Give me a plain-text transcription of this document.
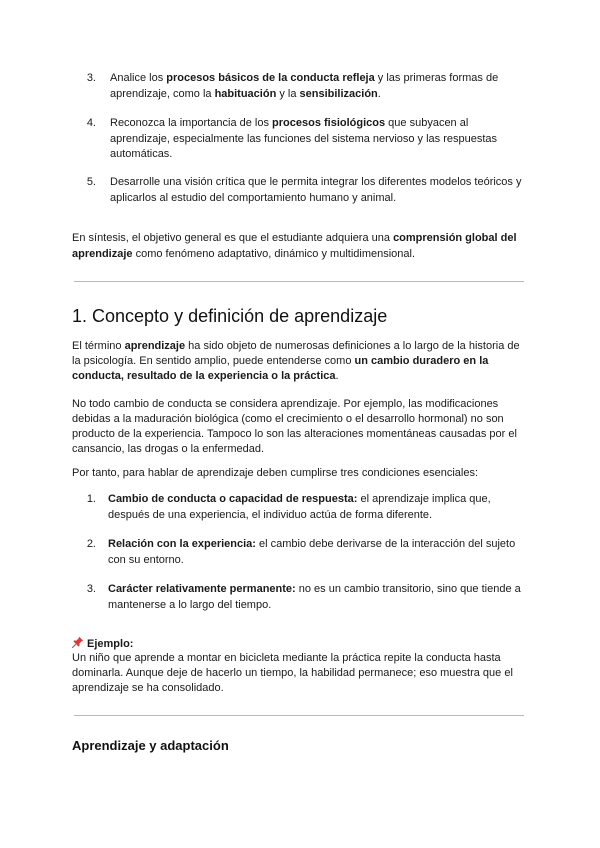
3. Analice los procesos básicos de la conducta refleja y las primeras formas de
aprendizaje, como la habituación y la sensibilización.
4. Reconozca la importancia de los procesos fisiológicos que subyacen al
aprendizaje, especialmente las funciones del sistema nervioso y las respuestas
automáticas.
5. Desarrolle una visión crítica que le permita integrar los diferentes modelos teóricos y
aplicarlos al estudio del comportamiento humano y animal.
En síntesis, el objetivo general es que el estudiante adquiera una comprensión global del
aprendizaje como fenómeno adaptativo, dinámico y multidimensional.
1. Concepto y definición de aprendizaje
El término aprendizaje ha sido objeto de numerosas definiciones a lo largo de la historia de
la psicología. En sentido amplio, puede entenderse como un cambio duradero en la
conducta, resultado de la experiencia o la práctica.
No todo cambio de conducta se considera aprendizaje. Por ejemplo, las modificaciones
debidas a la maduración biológica (como el crecimiento o el desarrollo hormonal) no son
producto de la experiencia. Tampoco lo son las alteraciones momentáneas causadas por el
cansancio, las drogas o la enfermedad.
Por tanto, para hablar de aprendizaje deben cumplirse tres condiciones esenciales:
1. Cambio de conducta o capacidad de respuesta: el aprendizaje implica que,
después de una experiencia, el individuo actúa de forma diferente.
2. Relación con la experiencia: el cambio debe derivarse de la interacción del sujeto
con su entorno.
3. Carácter relativamente permanente: no es un cambio transitorio, sino que tiende a
mantenerse a lo largo del tiempo.
Ejemplo:
Un niño que aprende a montar en bicicleta mediante la práctica repite la conducta hasta
dominarla. Aunque deje de hacerlo un tiempo, la habilidad permanece; eso muestra que el
aprendizaje se ha consolidado.
Aprendizaje y adaptación
